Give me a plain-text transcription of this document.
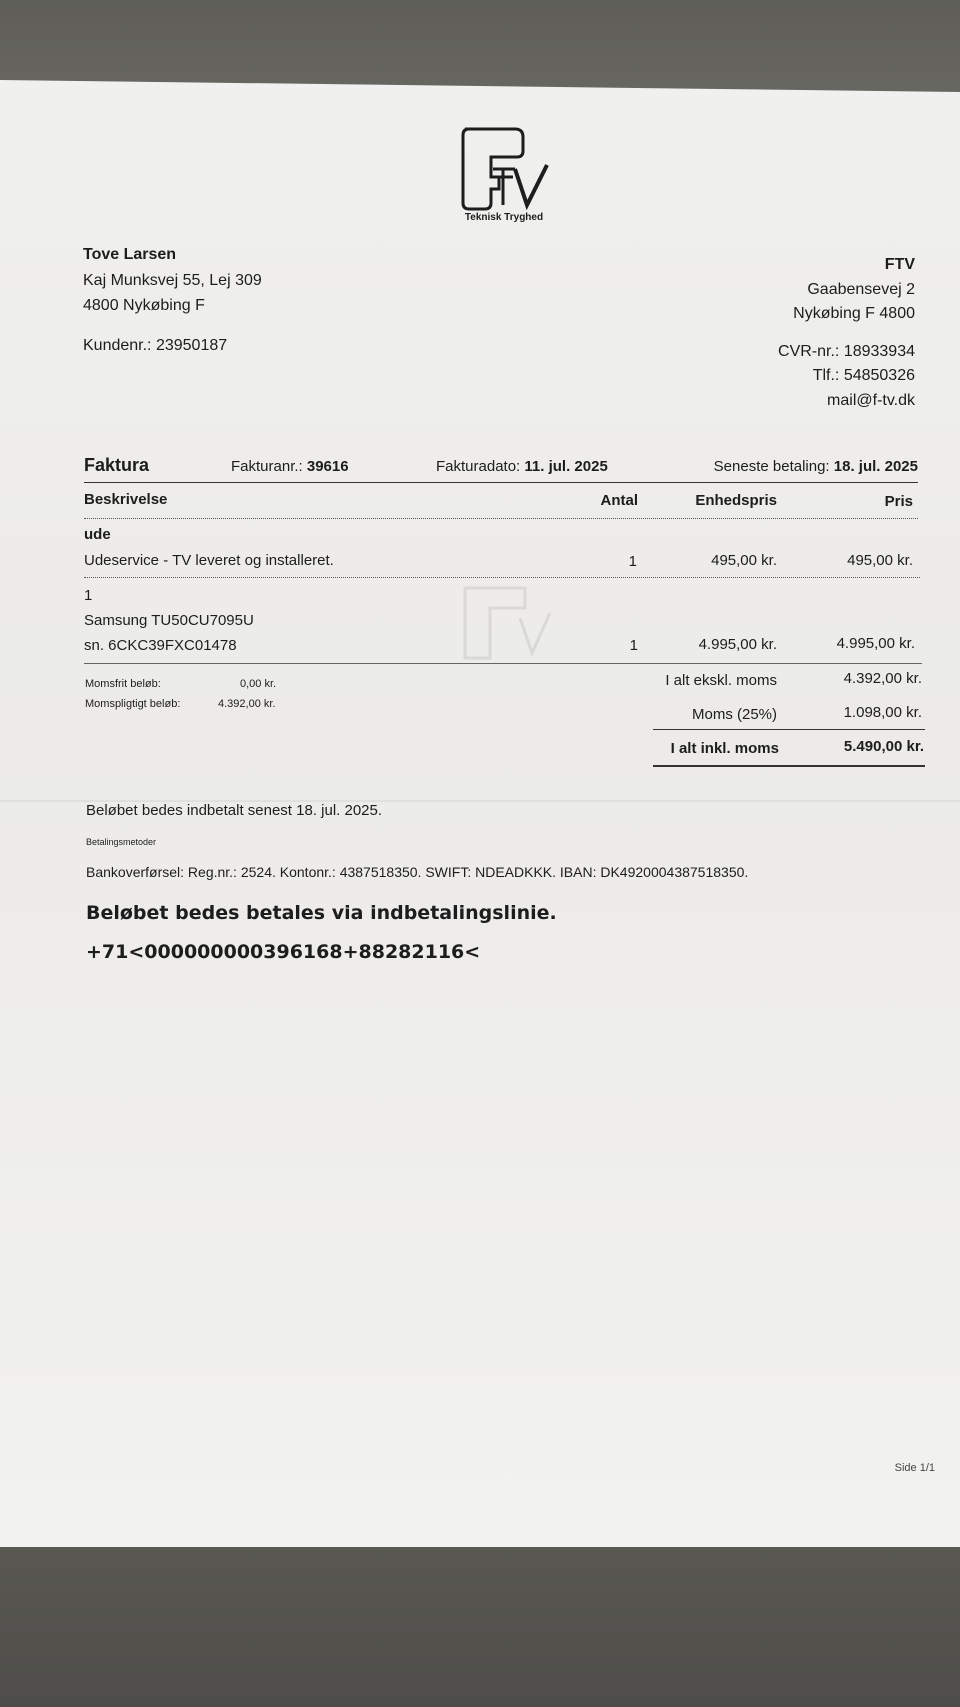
Teknisk Tryghed
Tove Larsen
Kaj Munksvej 55, Lej 309
4800 Nykøbing F
Kundenr.: 23950187
FTV
Gaabensevej 2
Nykøbing F 4800
CVR-nr.: 18933934
Tlf.: 54850326
mail@f-tv.dk
Faktura	Fakturanr.: 39616	Fakturadato: 11. jul. 2025	Seneste betaling: 18. jul. 2025
Beskrivelse	Antal	Enhedspris	Pris
ude
Udeservice - TV leveret og installeret.	1	495,00 kr.	495,00 kr.
1
Samsung TU50CU7095U
sn. 6CKC39FXC01478	1	4.995,00 kr.	4.995,00 kr.
Momsfrit beløb:	0,00 kr.
Momspligtigt beløb:	4.392,00 kr.
I alt ekskl. moms	4.392,00 kr.
Moms (25%)	1.098,00 kr.
I alt inkl. moms	5.490,00 kr.
Beløbet bedes indbetalt senest 18. jul. 2025.
Betalingsmetoder
Bankoverførsel: Reg.nr.: 2524. Kontonr.: 4387518350. SWIFT: NDEADKKK. IBAN: DK4920004387518350.
Beløbet bedes betales via indbetalingslinie.
+71<000000000396168+88282116<
Side 1/1
